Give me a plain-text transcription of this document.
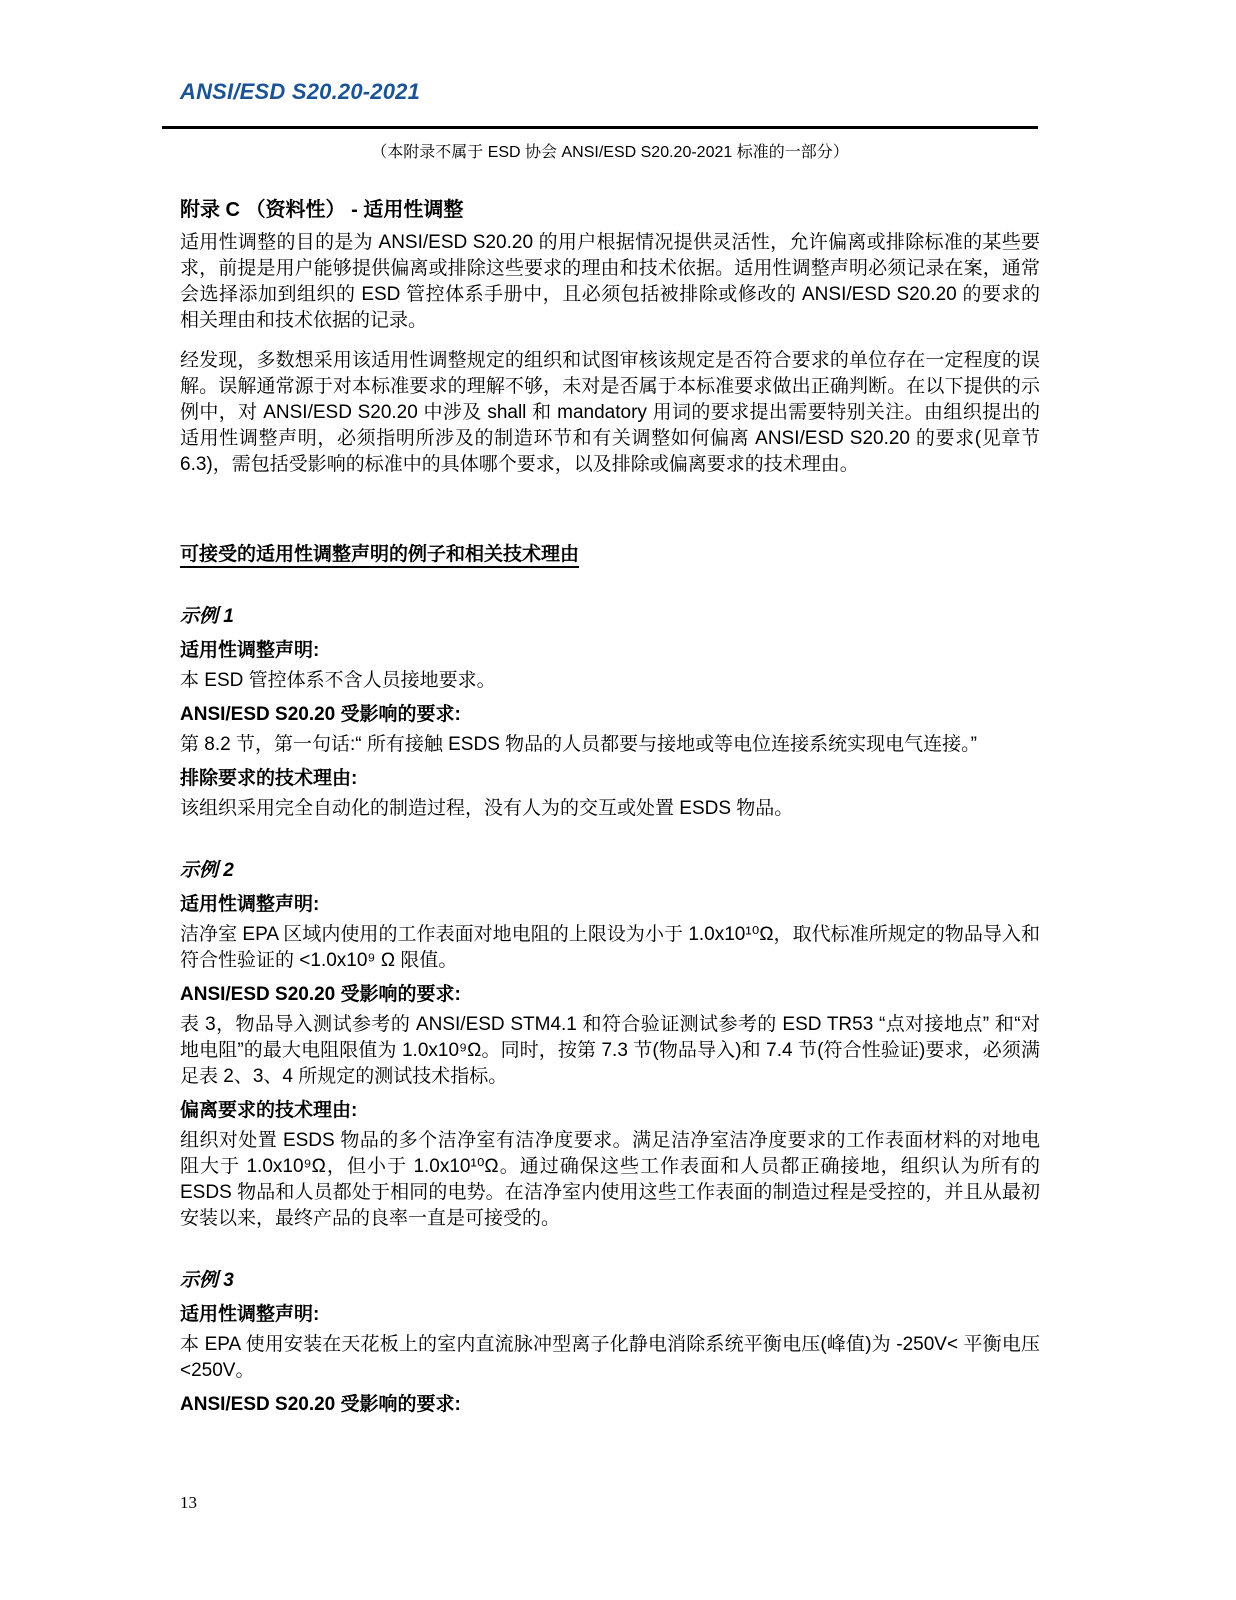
ANSI/ESD S20.20-2021
（本附录不属于 ESD 协会 ANSI/ESD S20.20-2021 标准的一部分）
附录 C （资料性） - 适用性调整

适用性调整的目的是为 ANSI/ESD S20.20 的用户根据情况提供灵活性，允许偏离或排除标准的某些要求，前提是用户能够提供偏离或排除这些要求的理由和技术依据。适用性调整声明必须记录在案，通常会选择添加到组织的 ESD 管控体系手册中，且必须包括被排除或修改的 ANSI/ESD S20.20 的要求的相关理由和技术依据的记录。

经发现，多数想采用该适用性调整规定的组织和试图审核该规定是否符合要求的单位存在一定程度的误解。误解通常源于对本标准要求的理解不够，未对是否属于本标准要求做出正确判断。在以下提供的示例中，对 ANSI/ESD S20.20 中涉及 shall 和 mandatory 用词的要求提出需要特别关注。由组织提出的适用性调整声明，必须指明所涉及的制造环节和有关调整如何偏离 ANSI/ESD S20.20 的要求(见章节 6.3)，需包括受影响的标准中的具体哪个要求，以及排除或偏离要求的技术理由。

可接受的适用性调整声明的例子和相关技术理由
示例 1
适用性调整声明:

本 ESD 管控体系不含人员接地要求。

ANSI/ESD S20.20 受影响的要求:

第 8.2 节，第一句话:“ 所有接触 ESDS 物品的人员都要与接地或等电位连接系统实现电气连接。”

排除要求的技术理由:

该组织采用完全自动化的制造过程，没有人为的交互或处置 ESDS 物品。

示例 2
适用性调整声明:

洁净室 EPA 区域内使用的工作表面对地电阻的上限设为小于 1.0x10¹⁰Ω，取代标准所规定的物品导入和符合性验证的 <1.0x10⁹ Ω 限值。

ANSI/ESD S20.20 受影响的要求:

表 3，物品导入测试参考的 ANSI/ESD STM4.1 和符合验证测试参考的 ESD TR53 “点对接地点” 和“对地电阻”的最大电阻限值为 1.0x10⁹Ω。同时，按第 7.3 节(物品导入)和 7.4 节(符合性验证)要求，必须满足表 2、3、4 所规定的测试技术指标。

偏离要求的技术理由:

组织对处置 ESDS 物品的多个洁净室有洁净度要求。满足洁净室洁净度要求的工作表面材料的对地电阻大于 1.0x10⁹Ω，但小于 1.0x10¹⁰Ω。通过确保这些工作表面和人员都正确接地，组织认为所有的 ESDS 物品和人员都处于相同的电势。在洁净室内使用这些工作表面的制造过程是受控的，并且从最初安装以来，最终产品的良率一直是可接受的。

示例 3
适用性调整声明:

本 EPA 使用安装在天花板上的室内直流脉冲型离子化静电消除系统平衡电压(峰值)为 -250V< 平衡电压 <250V。

ANSI/ESD S20.20 受影响的要求:
13
